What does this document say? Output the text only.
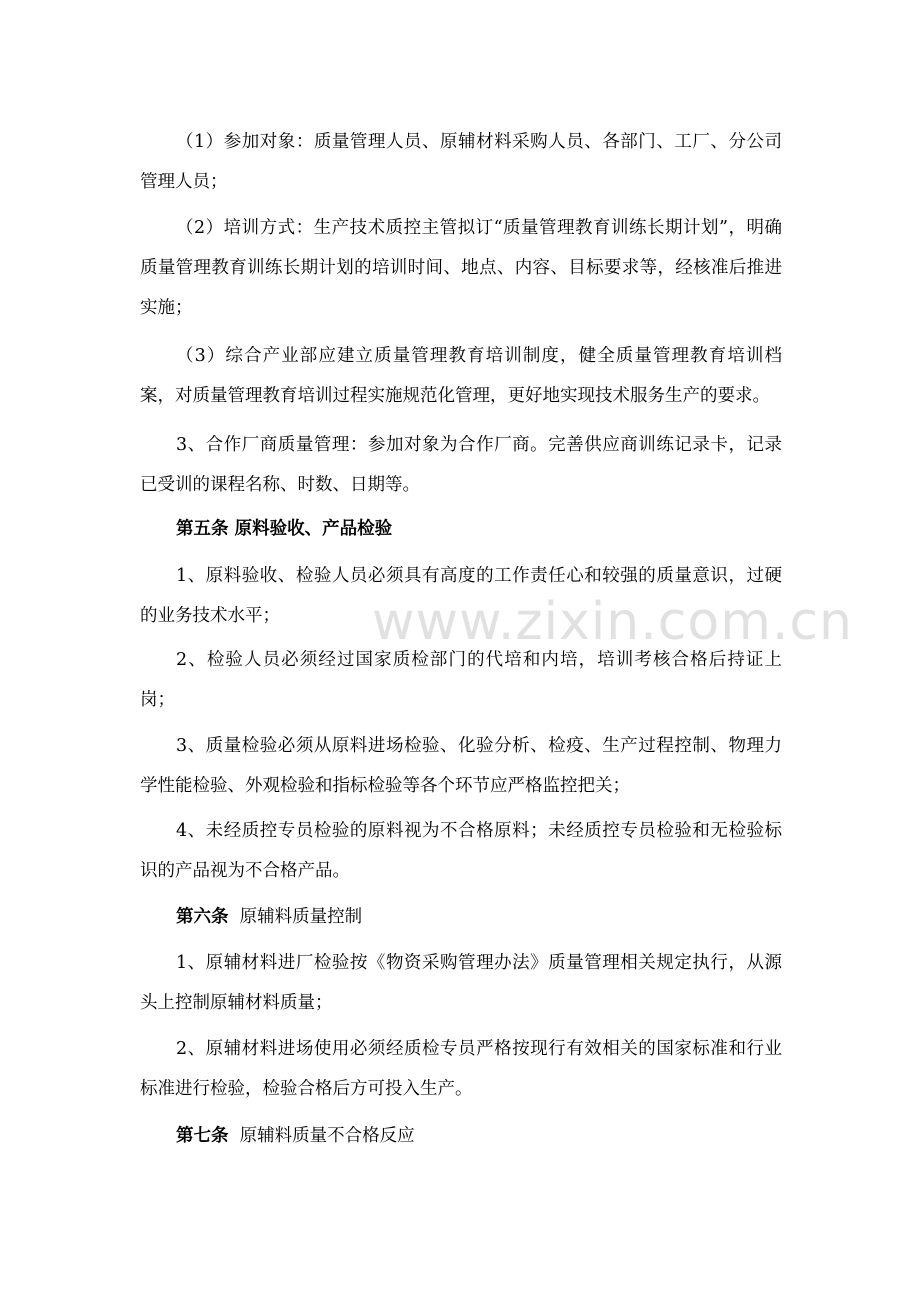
（1）参加对象：质量管理人员、原辅材料采购人员、各部门、工厂、分公司管理人员；

（2）培训方式：生产技术质控主管拟订“质量管理教育训练长期计划”，明确质量管理教育训练长期计划的培训时间、地点、内容、目标要求等，经核准后推进实施；

（3）综合产业部应建立质量管理教育培训制度，健全质量管理教育培训档案，对质量管理教育培训过程实施规范化管理，更好地实现技术服务生产的要求。

3、合作厂商质量管理：参加对象为合作厂商。完善供应商训练记录卡，记录已受训的课程名称、时数、日期等。

第五条 原料验收、产品检验

1、原料验收、检验人员必须具有高度的工作责任心和较强的质量意识，过硬的业务技术水平；

2、检验人员必须经过国家质检部门的代培和内培，培训考核合格后持证上岗；

3、质量检验必须从原料进场检验、化验分析、检疫、生产过程控制、物理力学性能检验、外观检验和指标检验等各个环节应严格监控把关；

4、未经质控专员检验的原料视为不合格原料；未经质控专员检验和无检验标识的产品视为不合格产品。

第六条 原辅料质量控制

1、原辅材料进厂检验按《物资采购管理办法》质量管理相关规定执行，从源头上控制原辅材料质量；

2、原辅材料进场使用必须经质检专员严格按现行有效相关的国家标准和行业标准进行检验，检验合格后方可投入生产。

第七条 原辅料质量不合格反应

www.zixin.com.cn
